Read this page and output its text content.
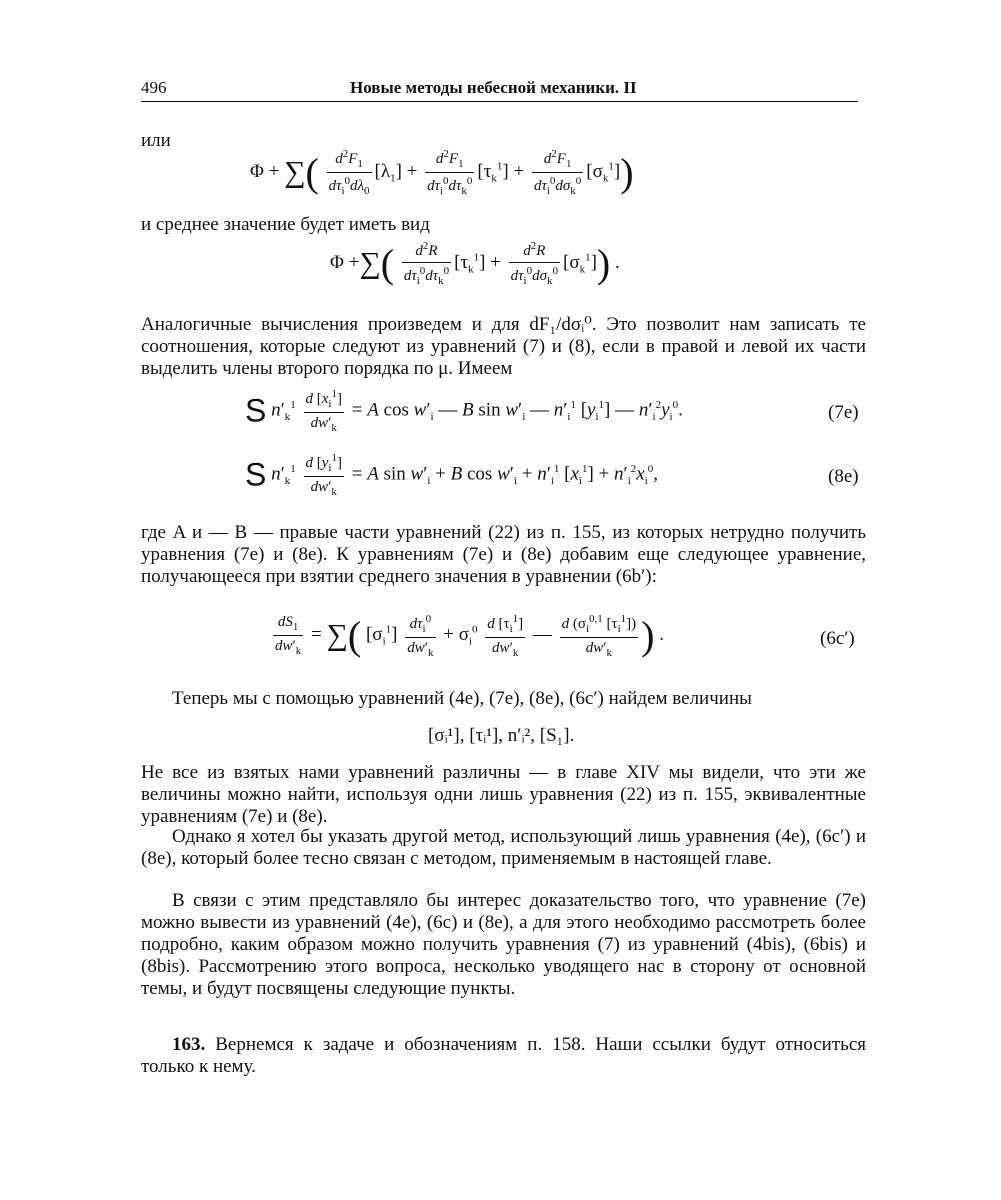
496	Новые методы небесной механики. II
или
Φ + ∑( $\frac{d^2F_1}{d\tau_i^0d\lambda_0} [\lambda_1] + \frac{d^2F_1}{d\tau_i^0d\tau_k^0} [\tau_k^1] + \frac{d^2F_1}{d\tau_i^0d\sigma_k^0} [\sigma_k^1]$)
и среднее значение будет иметь вид
Φ +∑( $\frac{d^2R}{d\tau_i^0d\tau_k^0} [\tau_k^1] + \frac{d^2R}{d\tau_i^0d\sigma_k^0} [\sigma_k^1]$) .
Аналогичные вычисления произведем и для dF₁/dσᵢ⁰. Это позволит нам записать те соотношения, которые следуют из уравнений (7) и (8), если в правой и левой их части выделить члены второго порядка по μ. Имеем
S $n'_k^1 \frac{d [x_i^1]}{dw'_k} = A$ $\cos w'_i$ — B $\sin w'_i$ — $n'_i^1$ $[y_i^1]$ — $n'_i^2y_i^0$.	(7e)
S $n'_k^1 \frac{d [y_i^1]}{dw'_k} = A$ $\sin w'_i + B$ $\cos w'_i + n'_i^1$ $[x_i^1] + n'_i^2x_i^0$,	(8e)
где A и — B — правые части уравнений (22) из п. 155, из которых нетрудно получить уравнения (7e) и (8e). К уравнениям (7e) и (8e) добавим еще следующее уравнение, получающееся при взятии среднего значения в уравнении (6b′):
$\frac{dS_1}{dw'_k}$ = ∑( $[\sigma_i^1] \frac{d\tau_i^0}{dw'_k} + \sigma_i^0 \frac{d [\tau_i^1]}{dw'_k}$ — $\frac{d (\sigma_i^{0,1} [\tau_i^1])}{dw'_k}$ ) .	(6c′)
Теперь мы с помощью уравнений (4e), (7e), (8e), (6c′) найдем величины
[σᵢ¹], [τᵢ¹], n′ᵢ², [S₁].
Не все из взятых нами уравнений различны — в главе XIV мы видели, что эти же величины можно найти, используя одни лишь уравнения (22) из п. 155, эквивалентные уравнениям (7e) и (8e).
Однако я хотел бы указать другой метод, использующий лишь уравнения (4e), (6c′) и (8e), который более тесно связан с методом, применяемым в настоящей главе.
В связи с этим представляло бы интерес доказательство того, что уравнение (7e) можно вывести из уравнений (4e), (6c) и (8e), а для этого необходимо рассмотреть более подробно, каким образом можно получить уравнения (7) из уравнений (4bis), (6bis) и (8bis). Рассмотрению этого вопроса, несколько уводящего нас в сторону от основной темы, и будут посвящены следующие пункты.
163. Вернемся к задаче и обозначениям п. 158. Наши ссылки будут относиться только к нему.
